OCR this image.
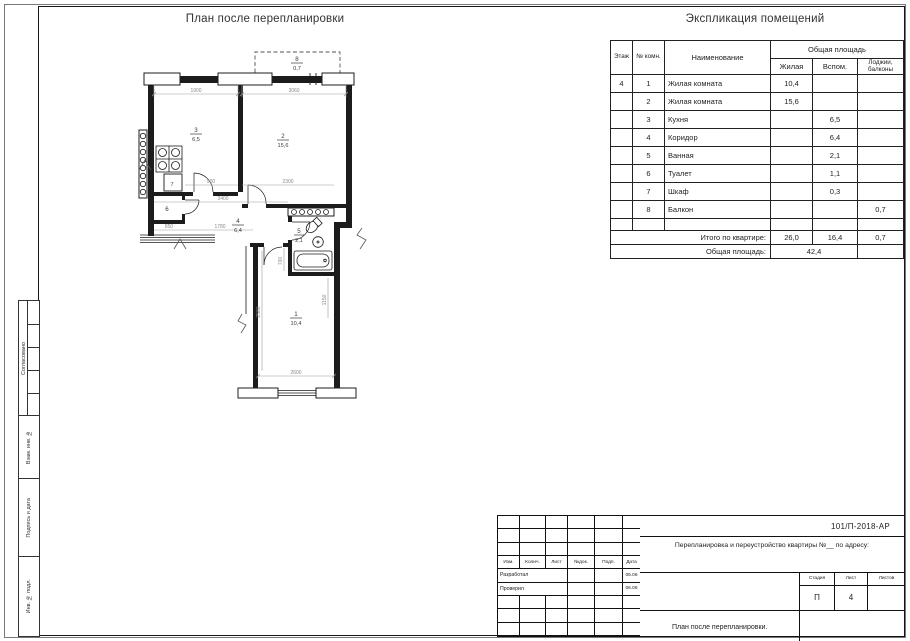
Согласовано
Взам. инв. №
Подпись и дата
Инв. № подл.
План после перепланировки	Экспликация помещений
1900	3060
900	2300
3400
850	1780
2600
2580
700
1150
8
0,7
3
6,5	2
15,6
7
6
4
6,4	5
2,1
1
10,4
Этаж	№ комн.	Наименование	Общая площадь		
			Жилая	Вспом.	Лоджии, балконы
4	1	Жилая комната	10,4		
	2	Жилая комната	15,6		
	3	Кухня		6,5	
	4	Коридор		6,4	
	5	Ванная		2,1	
	6	Туалет		1,1	
	7	Шкаф		0,3	
	8	Балкон			0,7

Итого по квартире:			26,0	16,4	0,7
Общая площадь:			42,4		
Изм.	Колич.	Лист	№док.	Подп.	Дата
Разработал	06.06
Проверил	06.06
101/П-2018-АР
Перепланировка и переустройство квартиры №__ по адресу:
Стадия	Лист	Листов
П	4
План после перепланировки.
